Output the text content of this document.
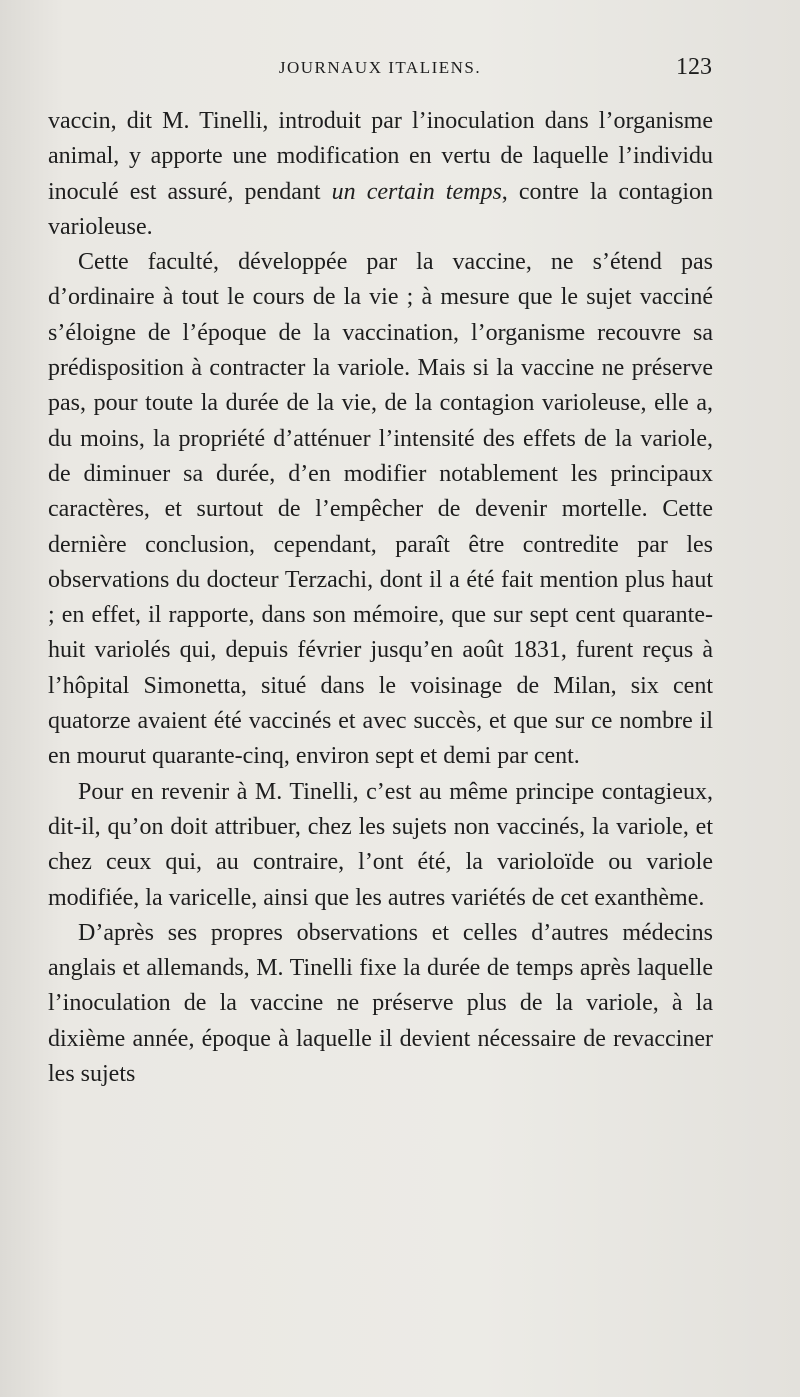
JOURNAUX ITALIENS.	123

vaccin, dit M. Tinelli, introduit par l’inoculation dans l’organisme animal, y apporte une modification en vertu de laquelle l’individu inoculé est assuré, pendant un certain temps, contre la contagion varioleuse.

Cette faculté, développée par la vaccine, ne s’étend pas d’ordinaire à tout le cours de la vie ; à mesure que le sujet vacciné s’éloigne de l’époque de la vaccination, l’organisme recouvre sa prédisposition à contracter la variole. Mais si la vaccine ne préserve pas, pour toute la durée de la vie, de la contagion varioleuse, elle a, du moins, la propriété d’atténuer l’intensité des effets de la variole, de diminuer sa durée, d’en modifier notablement les principaux caractères, et surtout de l’empêcher de devenir mortelle. Cette dernière conclusion, cependant, paraît être contredite par les observations du docteur Terzachi, dont il a été fait mention plus haut ; en effet, il rapporte, dans son mémoire, que sur sept cent quarante-huit variolés qui, depuis février jusqu’en août 1831, furent reçus à l’hôpital Simonetta, situé dans le voisinage de Milan, six cent quatorze avaient été vaccinés et avec succès, et que sur ce nombre il en mourut quarante-cinq, environ sept et demi par cent.

Pour en revenir à M. Tinelli, c’est au même principe contagieux, dit-il, qu’on doit attribuer, chez les sujets non vaccinés, la variole, et chez ceux qui, au contraire, l’ont été, la varioloïde ou variole modifiée, la varicelle, ainsi que les autres variétés de cet exanthème.

D’après ses propres observations et celles d’autres médecins anglais et allemands, M. Tinelli fixe la durée de temps après laquelle l’inoculation de la vaccine ne préserve plus de la variole, à la dixième année, époque à laquelle il devient nécessaire de revacciner les sujets
